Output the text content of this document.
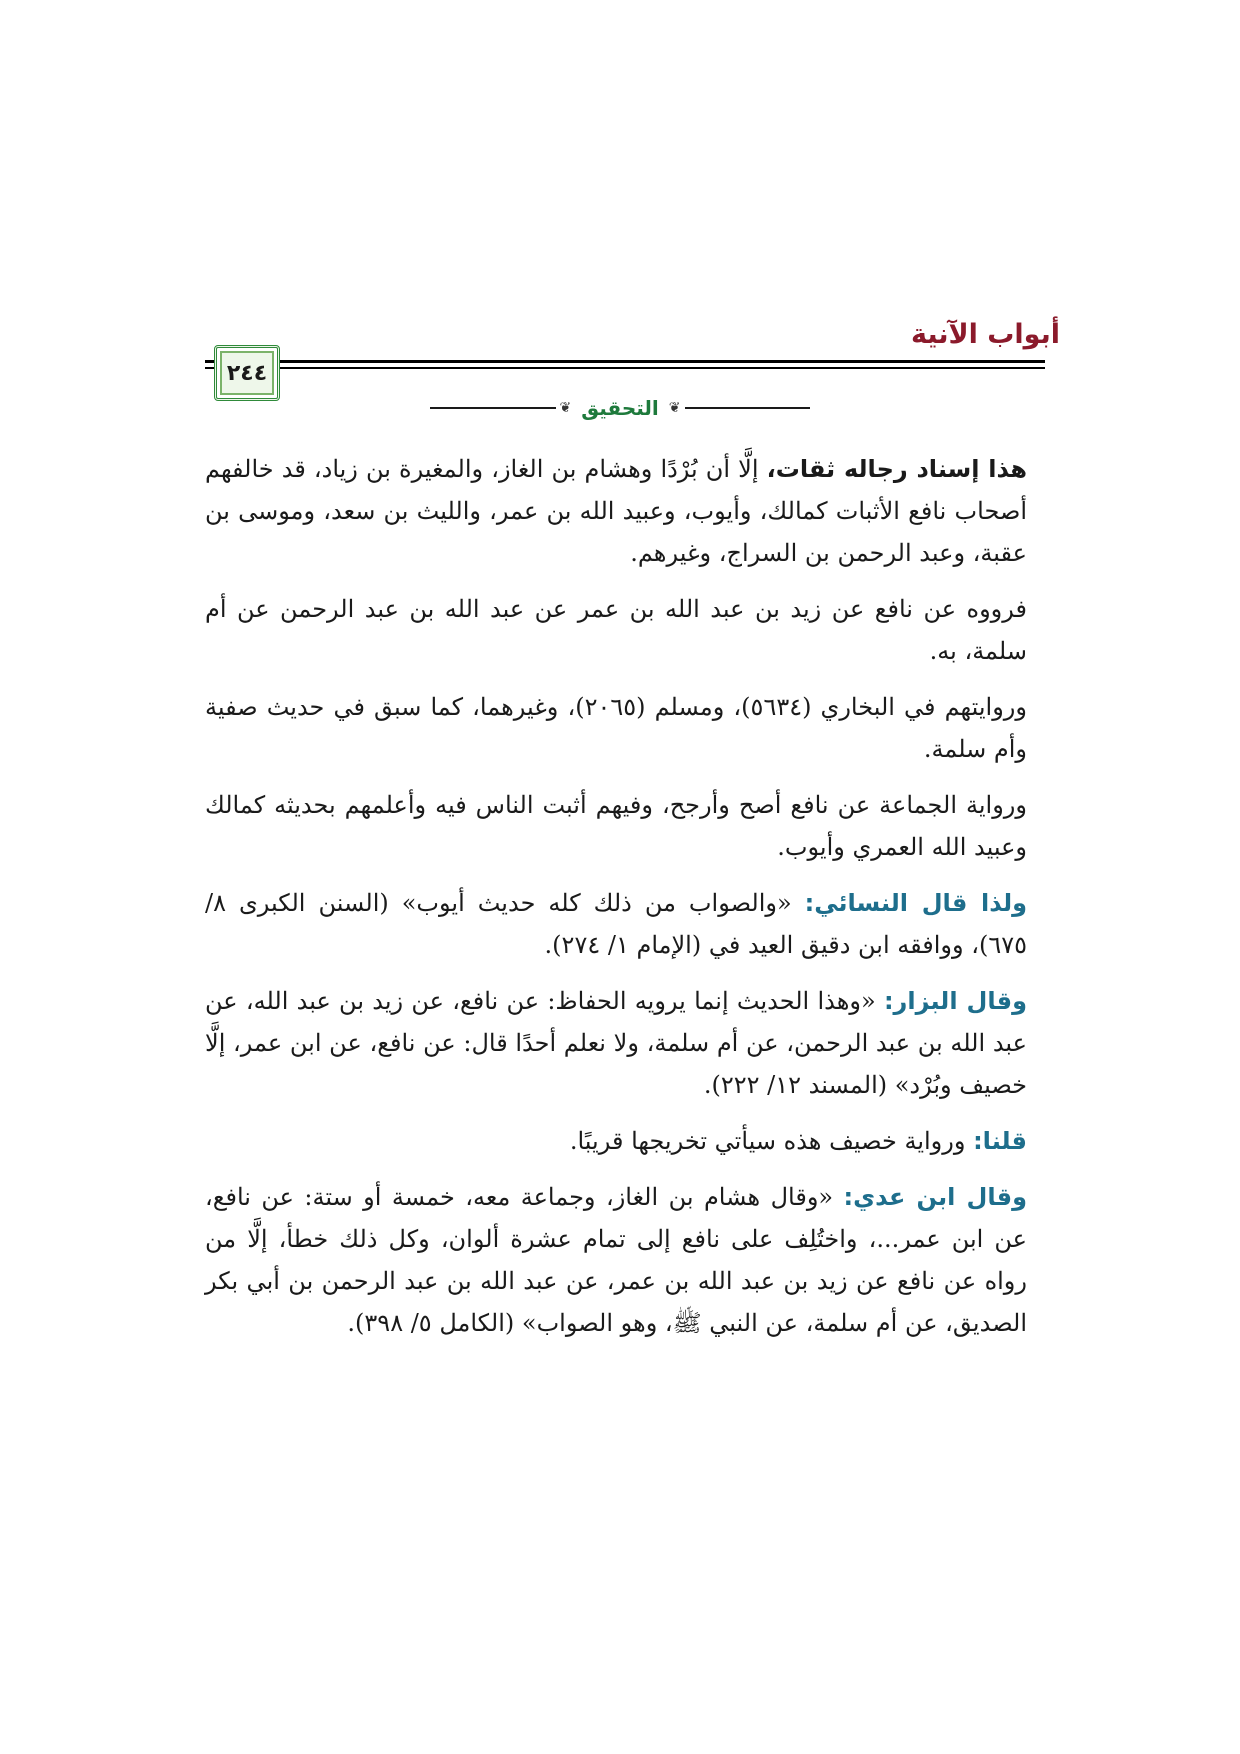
أبواب الآنية
٢٤٤
❦
التحقيق
❦

هذا إسناد رجاله ثقات، إلَّا أن بُرْدًا وهشام بن الغاز، والمغيرة بن زياد، قد خالفهم أصحاب نافع الأثبات كمالك، وأيوب، وعبيد الله بن عمر، والليث بن سعد، وموسى بن عقبة، وعبد الرحمن بن السراج، وغيرهم.

فرووه عن نافع عن زيد بن عبد الله بن عمر عن عبد الله بن عبد الرحمن عن أم سلمة، به.

وروايتهم في البخاري (٥٦٣٤)، ومسلم (٢٠٦٥)، وغيرهما، كما سبق في حديث صفية وأم سلمة.

ورواية الجماعة عن نافع أصح وأرجح، وفيهم أثبت الناس فيه وأعلمهم بحديثه كمالك وعبيد الله العمري وأيوب.

ولذا قال النسائي: «والصواب من ذلك كله حديث أيوب» (السنن الكبرى ٨/ ٦٧٥)، ووافقه ابن دقيق العيد في (الإمام ١/ ٢٧٤).

وقال البزار: «وهذا الحديث إنما يرويه الحفاظ: عن نافع، عن زيد بن عبد الله، عن عبد الله بن عبد الرحمن، عن أم سلمة، ولا نعلم أحدًا قال: عن نافع، عن ابن عمر، إلَّا خصيف وبُرْد» (المسند ١٢/ ٢٢٢).

قلنا: ورواية خصيف هذه سيأتي تخريجها قريبًا.

وقال ابن عدي: «وقال هشام بن الغاز، وجماعة معه، خمسة أو ستة: عن نافع، عن ابن عمر...، واختُلِف على نافع إلى تمام عشرة ألوان، وكل ذلك خطأ، إلَّا من رواه عن نافع عن زيد بن عبد الله بن عمر، عن عبد الله بن عبد الرحمن بن أبي بكر الصديق، عن أم سلمة، عن النبي ﷺ، وهو الصواب» (الكامل ٥/ ٣٩٨).
